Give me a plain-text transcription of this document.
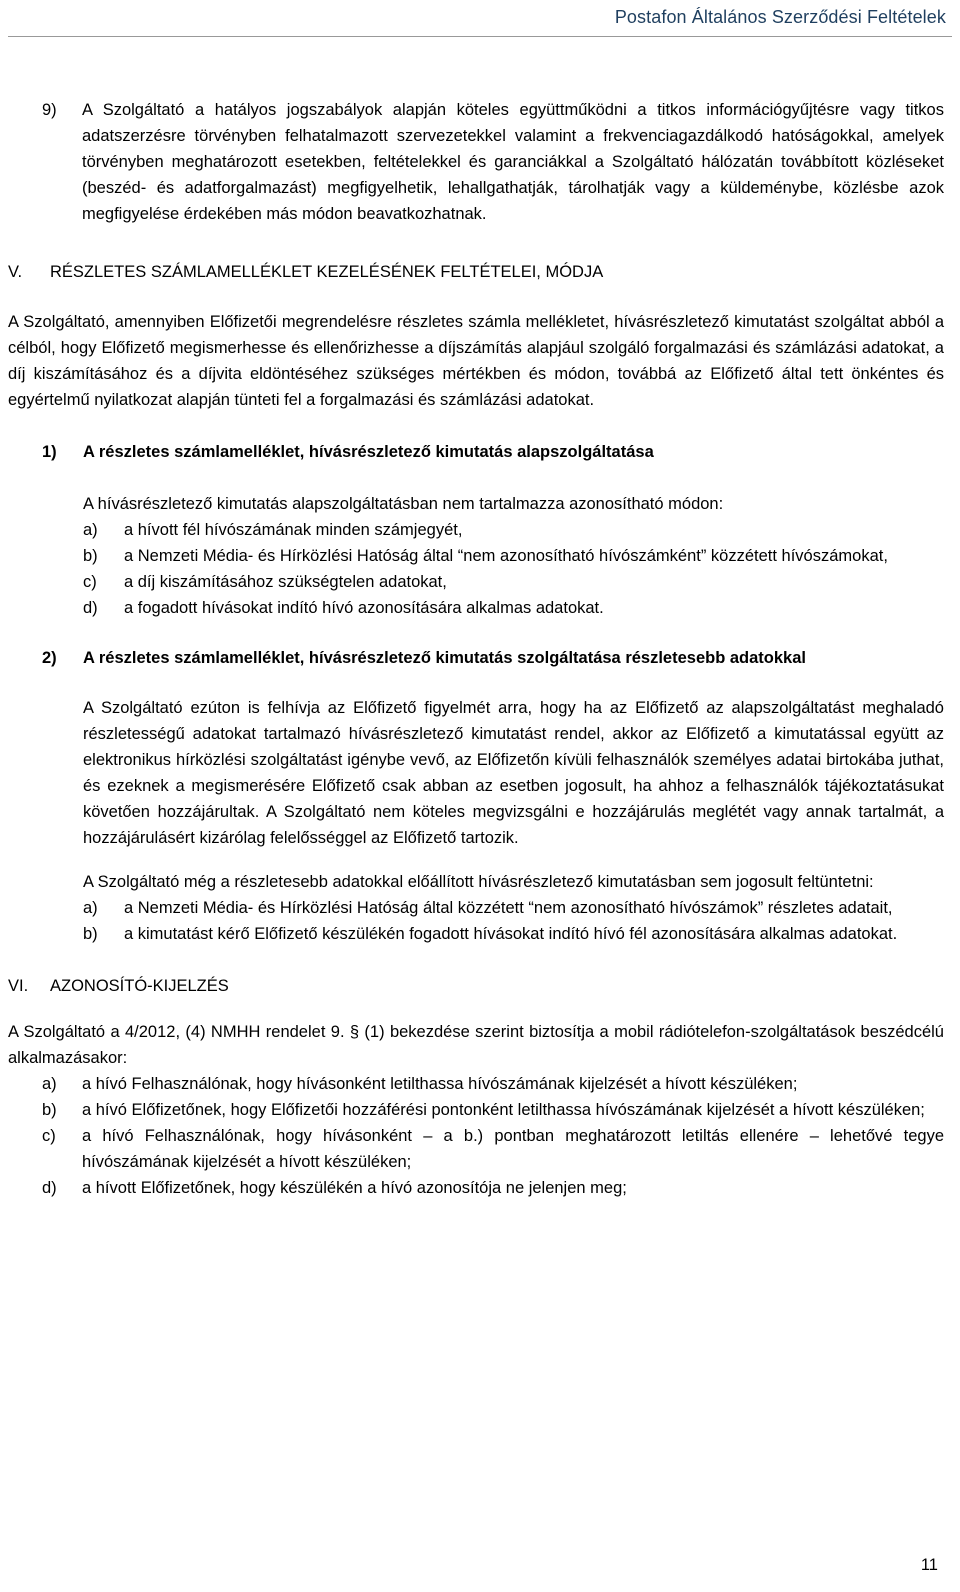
Postafon Általános Szerződési Feltételek
9) A Szolgáltató a hatályos jogszabályok alapján köteles együttműködni a titkos információgyűjtésre vagy titkos adatszerzésre törvényben felhatalmazott szervezetekkel valamint a frekvenciagazdálkodó hatóságokkal, amelyek törvényben meghatározott esetekben, feltételekkel és garanciákkal a Szolgáltató hálózatán továbbított közléseket (beszéd- és adatforgalmazást) megfigyelhetik, lehallgathatják, tárolhatják vagy a küldeménybe, közlésbe azok megfigyelése érdekében más módon beavatkozhatnak.

V. RÉSZLETES SZÁMLAMELLÉKLET KEZELÉSÉNEK FELTÉTELEI, MÓDJA

A Szolgáltató, amennyiben Előfizetői megrendelésre részletes számla mellékletet, hívásrészletező kimutatást szolgáltat abból a célból, hogy Előfizető megismerhesse és ellenőrizhesse a díjszámítás alapjául szolgáló forgalmazási és számlázási adatokat, a díj kiszámításához és a díjvita eldöntéséhez szükséges mértékben és módon, továbbá az Előfizető által tett önkéntes és egyértelmű nyilatkozat alapján tünteti fel a forgalmazási és számlázási adatokat.

1) A részletes számlamelléklet, hívásrészletező kimutatás alapszolgáltatása

A hívásrészletező kimutatás alapszolgáltatásban nem tartalmazza azonosítható módon:

a) a hívott fél hívószámának minden számjegyét,
b) a Nemzeti Média- és Hírközlési Hatóság által “nem azonosítható hívószámként” közzétett hívószámokat,
c) a díj kiszámításához szükségtelen adatokat,
d) a fogadott hívásokat indító hívó azonosítására alkalmas adatokat.
2) A részletes számlamelléklet, hívásrészletező kimutatás szolgáltatása részletesebb adatokkal

A Szolgáltató ezúton is felhívja az Előfizető figyelmét arra, hogy ha az Előfizető az alapszolgáltatást meghaladó részletességű adatokat tartalmazó hívásrészletező kimutatást rendel, akkor az Előfizető a kimutatással együtt az elektronikus hírközlési szolgáltatást igénybe vevő, az Előfizetőn kívüli felhasználók személyes adatai birtokába juthat, és ezeknek a megismerésére Előfizető csak abban az esetben jogosult, ha ahhoz a felhasználók tájékoztatásukat követően hozzájárultak. A Szolgáltató nem köteles megvizsgálni e hozzájárulás meglétét vagy annak tartalmát, a hozzájárulásért kizárólag felelősséggel az Előfizető tartozik.

A Szolgáltató még a részletesebb adatokkal előállított hívásrészletező kimutatásban sem jogosult feltüntetni:

a) a Nemzeti Média- és Hírközlési Hatóság által közzétett “nem azonosítható hívószámok” részletes adatait,
b) a kimutatást kérő Előfizető készülékén fogadott hívásokat indító hívó fél azonosítására alkalmas adatokat.
VI. AZONOSÍTÓ-KIJELZÉS

A Szolgáltató a 4/2012, (4) NMHH rendelet 9. § (1) bekezdése szerint biztosítja a mobil rádiótelefon-szolgáltatások beszédcélú alkalmazásakor:

a) a hívó Felhasználónak, hogy hívásonként letilthassa hívószámának kijelzését a hívott készüléken;
b) a hívó Előfizetőnek, hogy Előfizetői hozzáférési pontonként letilthassa hívószámának kijelzését a hívott készüléken;
c) a hívó Felhasználónak, hogy hívásonként – a b.) pontban meghatározott letiltás ellenére – lehetővé tegye hívószámának kijelzését a hívott készüléken;
d) a hívott Előfizetőnek, hogy készülékén a hívó azonosítója ne jelenjen meg;
11
